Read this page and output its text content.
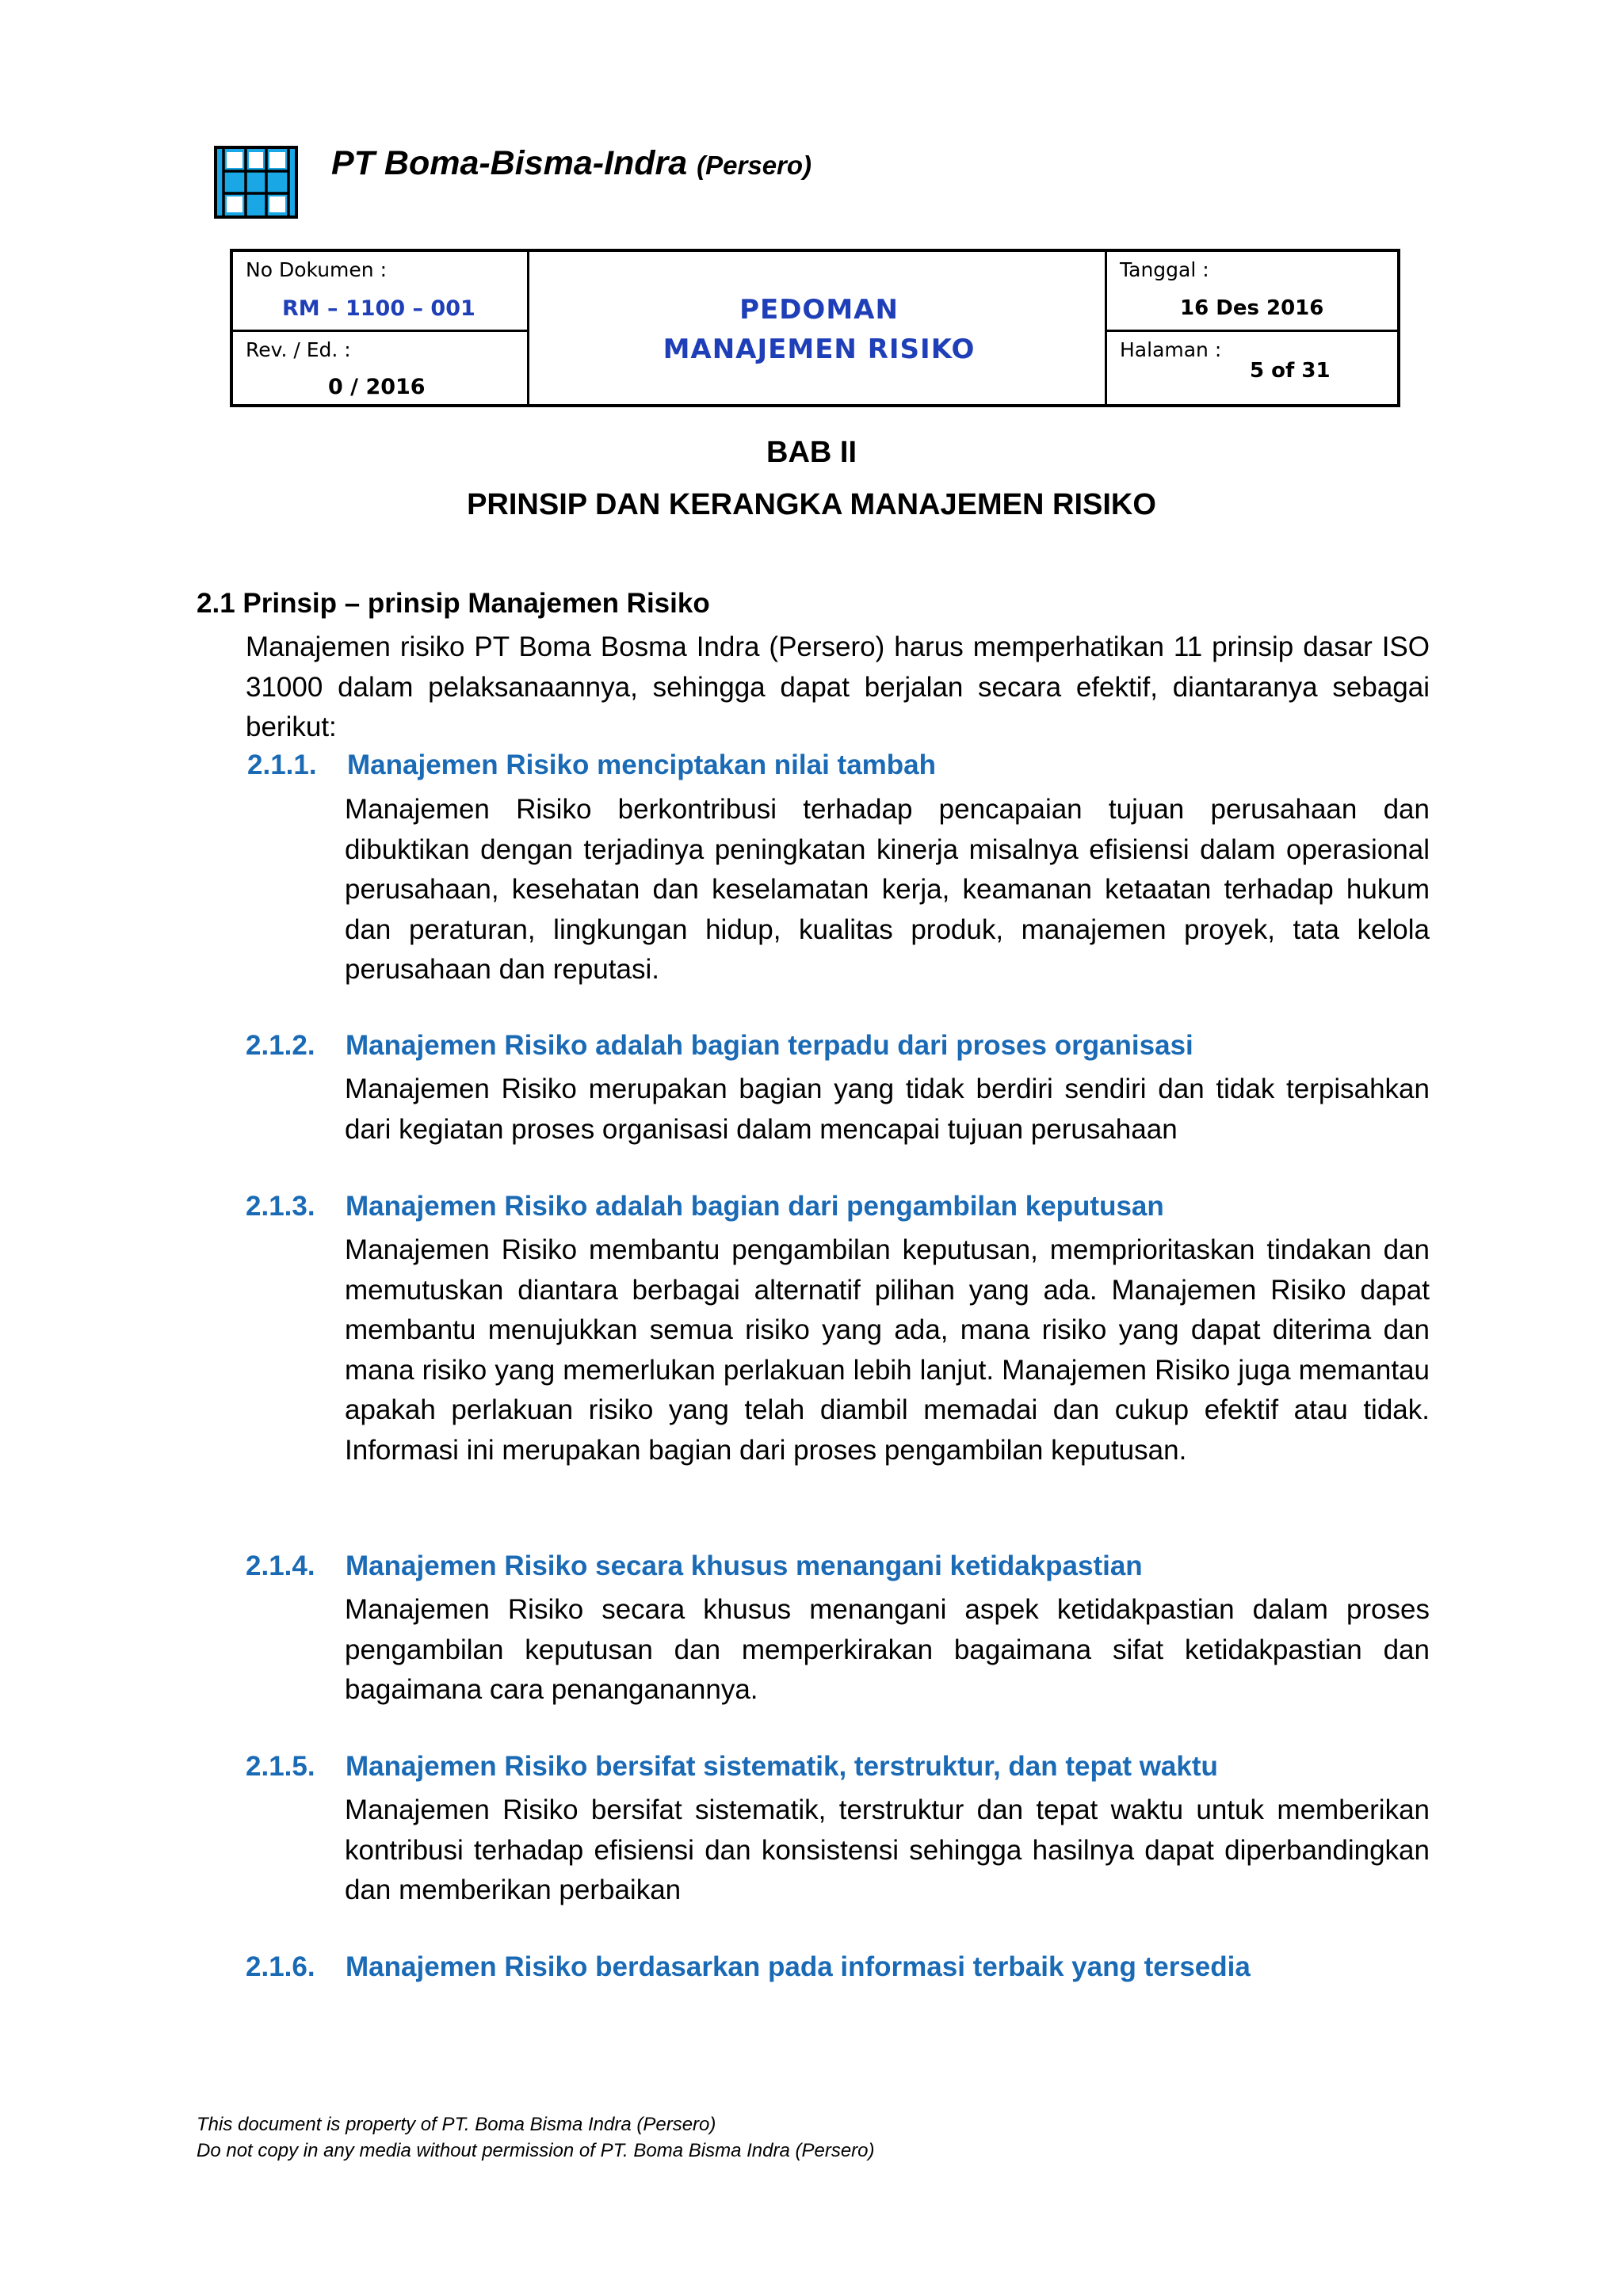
PT Boma-Bisma-Indra (Persero)
No Dokumen :
RM – 1100 – 001
Rev. / Ed. :
0 / 2016
PEDOMAN
MANAJEMEN RISIKO
Tanggal :
16 Des 2016
Halaman :
5 of 31
BAB II
PRINSIP DAN KERANGKA MANAJEMEN RISIKO
2.1 Prinsip – prinsip Manajemen Risiko

Manajemen risiko PT Boma Bosma Indra (Persero) harus memperhatikan 11 prinsip dasar ISO 31000 dalam pelaksanaannya, sehingga dapat berjalan secara efektif, diantaranya sebagai berikut:

2.1.1. Manajemen Risiko menciptakan nilai tambah

Manajemen Risiko berkontribusi terhadap pencapaian tujuan perusahaan dan dibuktikan dengan terjadinya peningkatan kinerja misalnya efisiensi dalam operasional perusahaan, kesehatan dan keselamatan kerja, keamanan ketaatan terhadap hukum dan peraturan, lingkungan hidup, kualitas produk, manajemen proyek, tata kelola perusahaan dan reputasi.

2.1.2. Manajemen Risiko adalah bagian terpadu dari proses organisasi

Manajemen Risiko merupakan bagian yang tidak berdiri sendiri dan tidak terpisahkan dari kegiatan proses organisasi dalam mencapai tujuan perusahaan

2.1.3. Manajemen Risiko adalah bagian dari pengambilan keputusan

Manajemen Risiko membantu pengambilan keputusan, memprioritaskan tindakan dan memutuskan diantara berbagai alternatif pilihan yang ada. Manajemen Risiko dapat membantu menujukkan semua risiko yang ada, mana risiko yang dapat diterima dan mana risiko yang memerlukan perlakuan lebih lanjut. Manajemen Risiko juga memantau apakah perlakuan risiko yang telah diambil memadai dan cukup efektif atau tidak. Informasi ini merupakan bagian dari proses pengambilan keputusan.

2.1.4. Manajemen Risiko secara khusus menangani ketidakpastian

Manajemen Risiko secara khusus menangani aspek ketidakpastian dalam proses pengambilan keputusan dan memperkirakan bagaimana sifat ketidakpastian dan bagaimana cara penanganannya.

2.1.5. Manajemen Risiko bersifat sistematik, terstruktur, dan tepat waktu

Manajemen Risiko bersifat sistematik, terstruktur dan tepat waktu untuk memberikan kontribusi terhadap efisiensi dan konsistensi sehingga hasilnya dapat diperbandingkan dan memberikan perbaikan

2.1.6. Manajemen Risiko berdasarkan pada informasi terbaik yang tersedia
This document is property of PT. Boma Bisma Indra (Persero)
Do not copy in any media without permission of PT. Boma Bisma Indra (Persero)
